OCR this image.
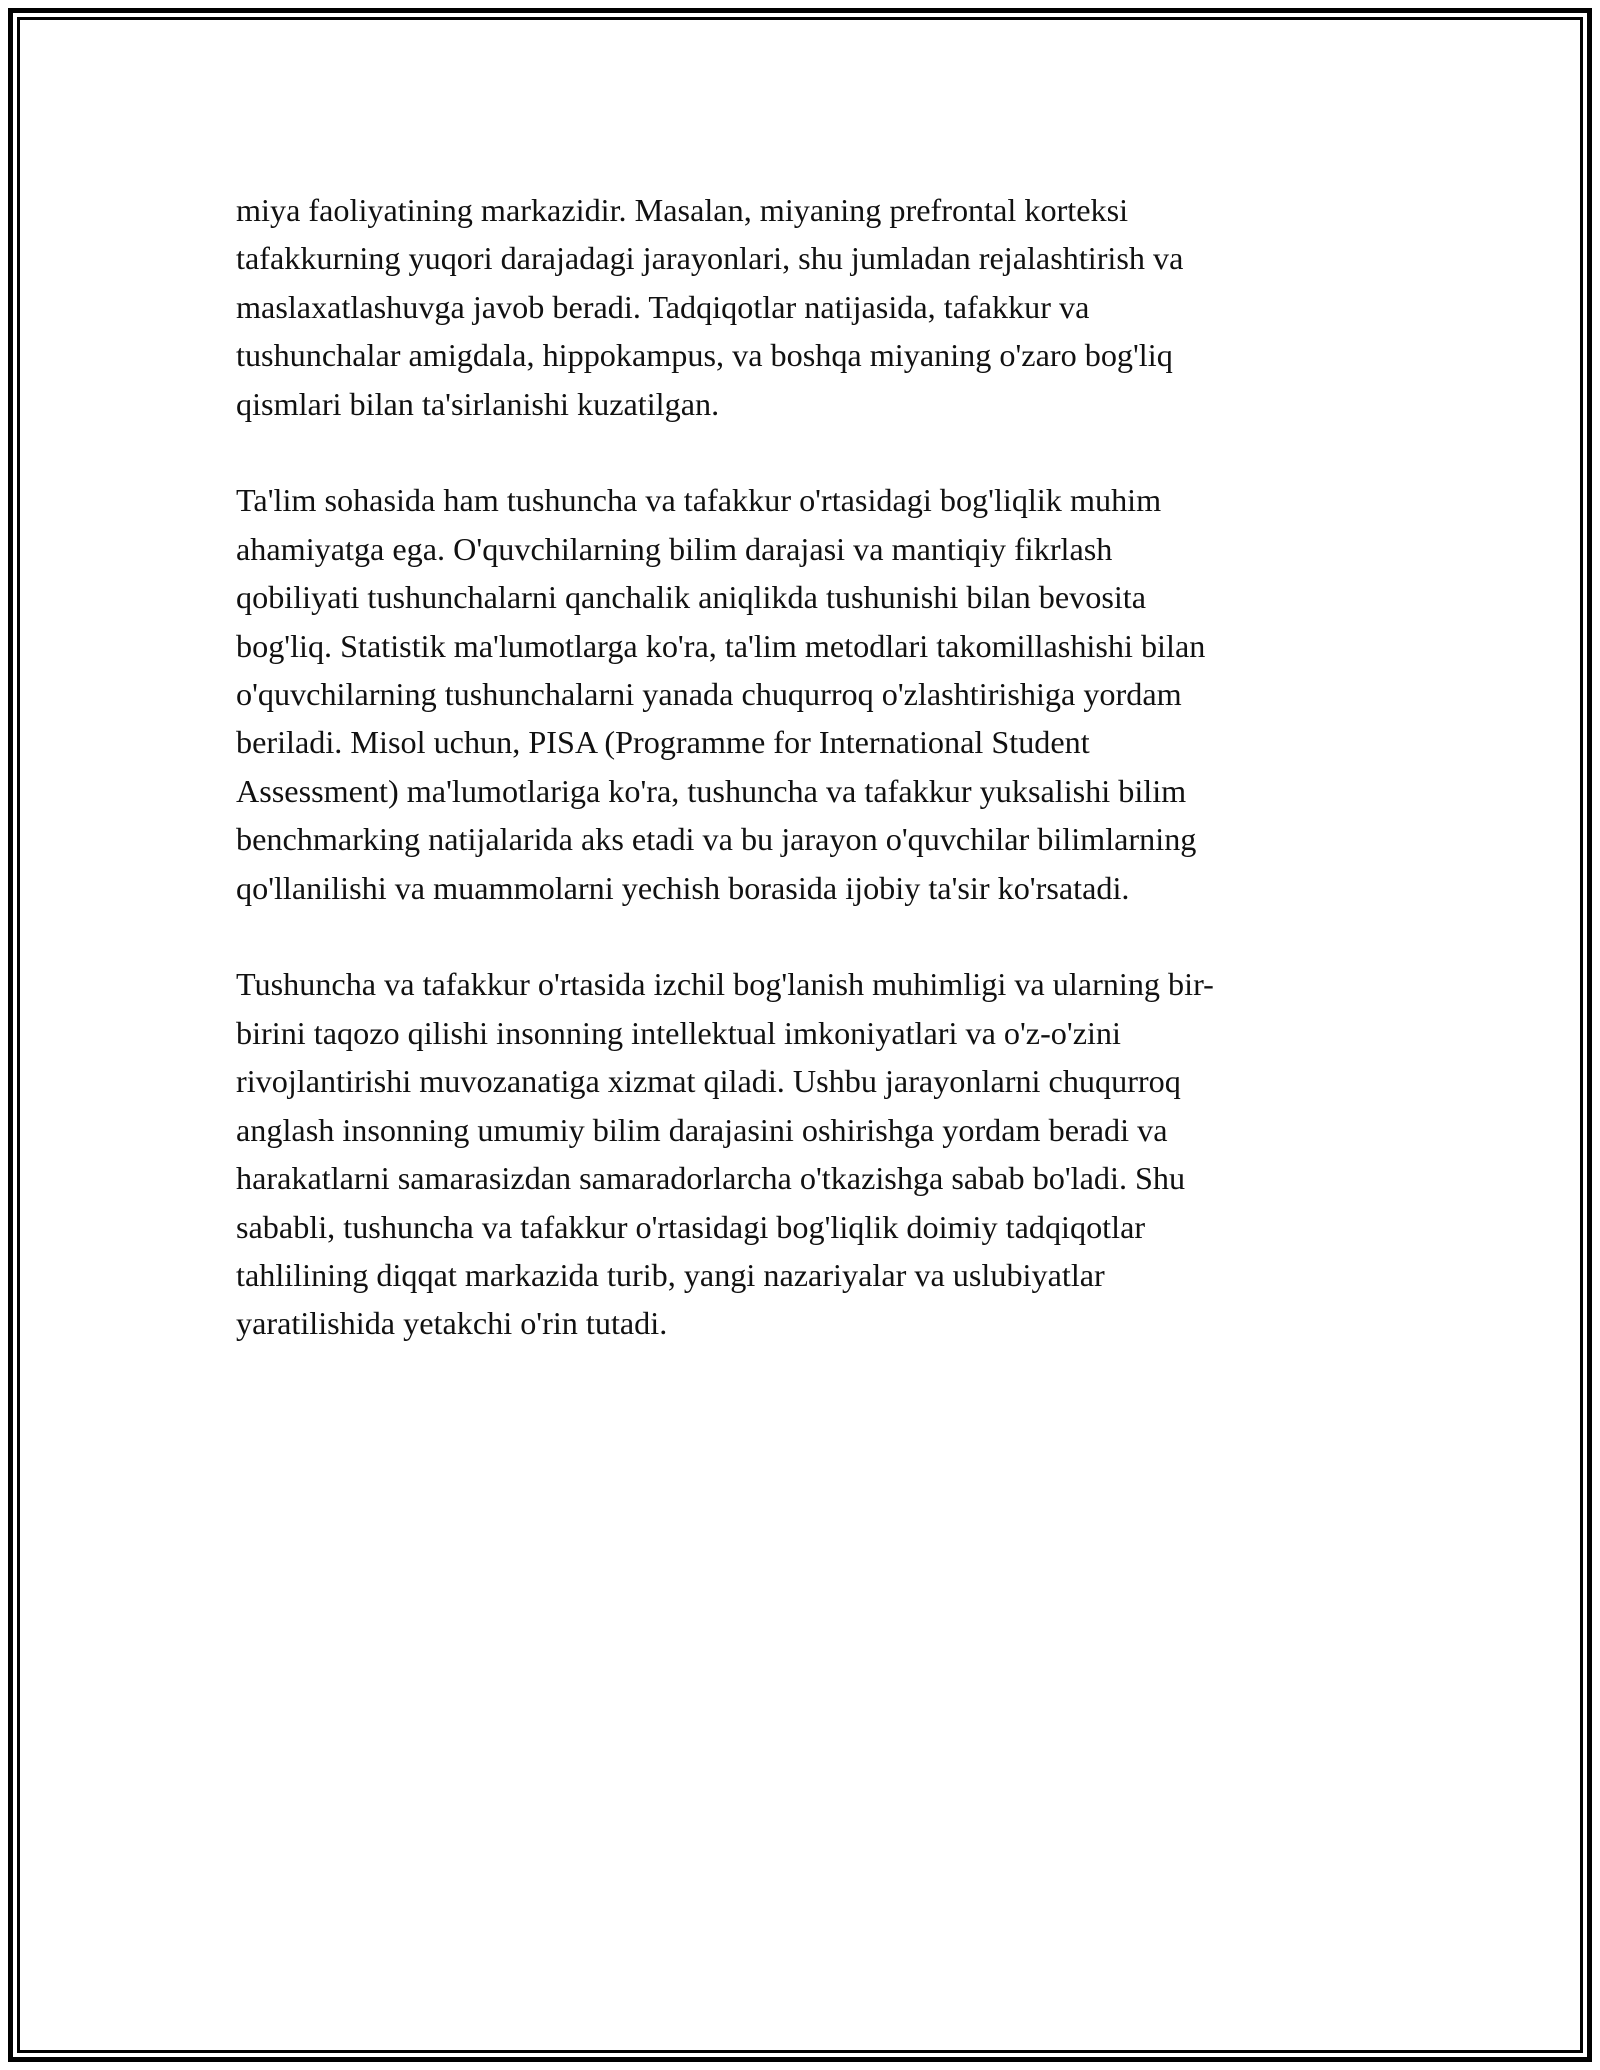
miya faoliyatining markazidir. Masalan, miyaning prefrontal korteksi
tafakkurning yuqori darajadagi jarayonlari, shu jumladan rejalashtirish va
maslaxatlashuvga javob beradi. Tadqiqotlar natijasida, tafakkur va
tushunchalar amigdala, hippokampus, va boshqa miyaning o'zaro bog'liq
qismlari bilan ta'sirlanishi kuzatilgan.

Ta'lim sohasida ham tushuncha va tafakkur o'rtasidagi bog'liqlik muhim
ahamiyatga ega. O'quvchilarning bilim darajasi va mantiqiy fikrlash
qobiliyati tushunchalarni qanchalik aniqlikda tushunishi bilan bevosita
bog'liq. Statistik ma'lumotlarga ko'ra, ta'lim metodlari takomillashishi bilan
o'quvchilarning tushunchalarni yanada chuqurroq o'zlashtirishiga yordam
beriladi. Misol uchun, PISA (Programme for International Student
Assessment) ma'lumotlariga ko'ra, tushuncha va tafakkur yuksalishi bilim
benchmarking natijalarida aks etadi va bu jarayon o'quvchilar bilimlarning
qo'llanilishi va muammolarni yechish borasida ijobiy ta'sir ko'rsatadi.

Tushuncha va tafakkur o'rtasida izchil bog'lanish muhimligi va ularning bir-
birini taqozo qilishi insonning intellektual imkoniyatlari va o'z-o'zini
rivojlantirishi muvozanatiga xizmat qiladi. Ushbu jarayonlarni chuqurroq
anglash insonning umumiy bilim darajasini oshirishga yordam beradi va
harakatlarni samarasizdan samaradorlarcha o'tkazishga sabab bo'ladi. Shu
sababli, tushuncha va tafakkur o'rtasidagi bog'liqlik doimiy tadqiqotlar
tahlilining diqqat markazida turib, yangi nazariyalar va uslubiyatlar
yaratilishida yetakchi o'rin tutadi.
